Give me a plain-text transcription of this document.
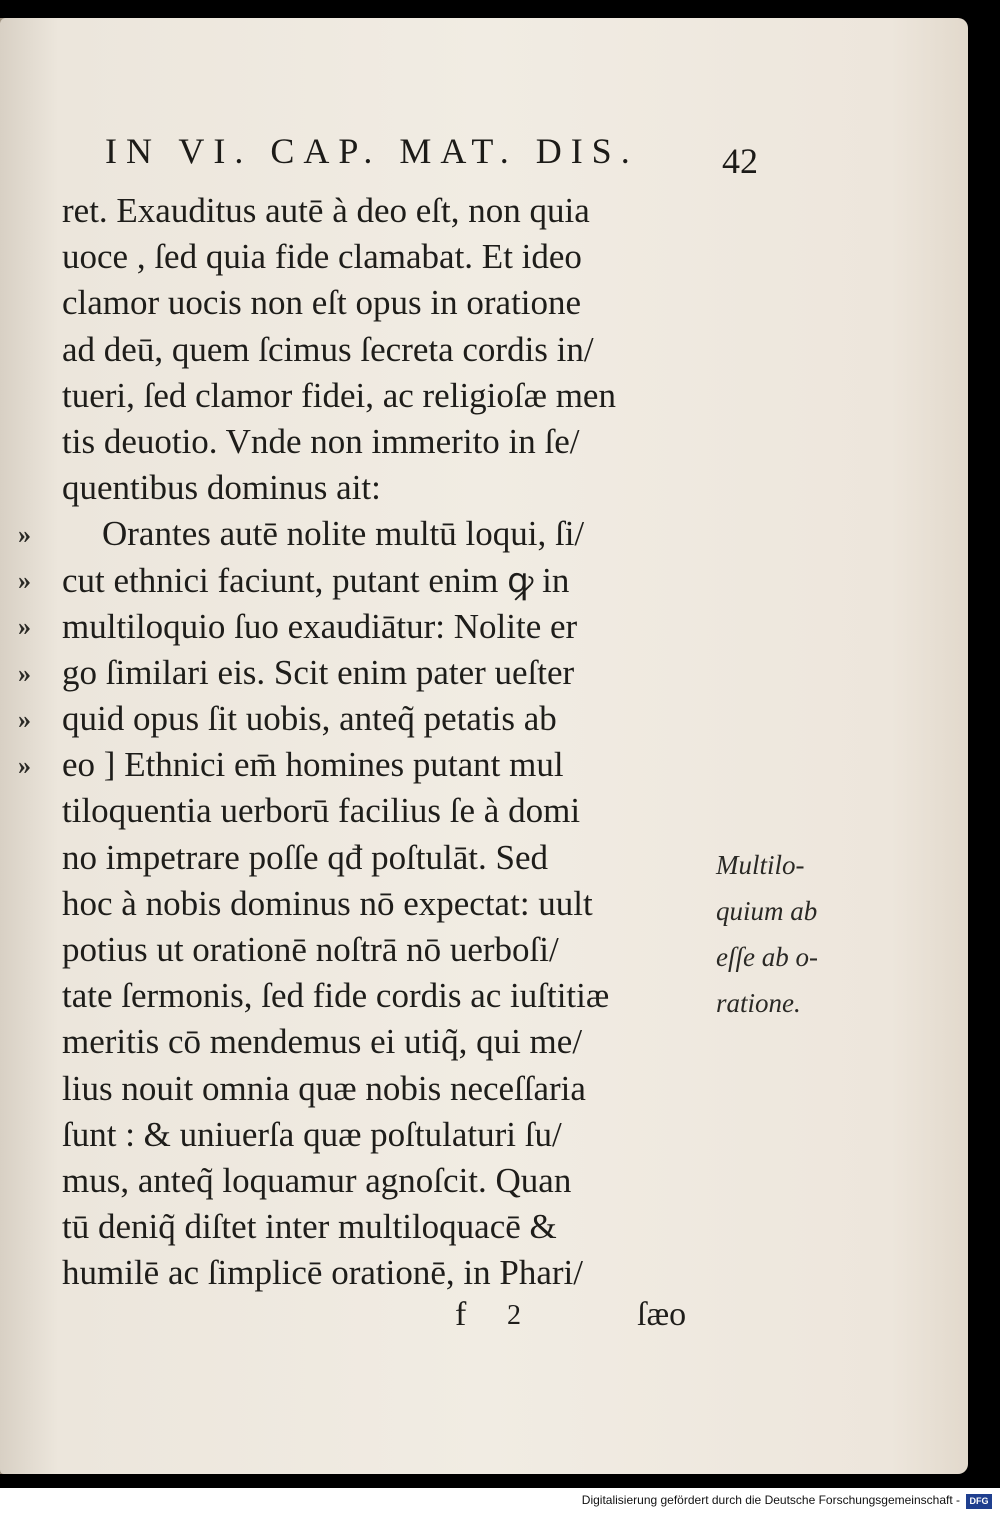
IN VI. CAP. MAT. DIS.	42
ret. Exauditus autē à deo eſt, non quia
uoce , ſed quia fide clamabat. Et ideo
clamor uocis non eſt opus in oratione
ad deū, quem ſcimus ſecreta cordis in/
tueri, ſed clamor fidei, ac religioſæ men
tis deuotio. Vnde non immerito in ſe/
quentibus dominus ait:
Orantes autē nolite multū loqui, ſi/
cut ethnici faciunt, putant enim ꝙ in
multiloquio ſuo exaudiātur: Nolite er
go ſimilari eis. Scit enim pater ueſter
quid opus ſit uobis, anteq̃ petatis ab
eo ] Ethnici em̄ homines putant mul
tiloquentia uerborū facilius ſe à domi
no impetrare poſſe qđ poſtulāt. Sed
hoc à nobis dominus nō expectat: uult
potius ut orationē noſtrā nō uerboſi/
tate ſermonis, ſed fide cordis ac iuſtitiæ
meritis cō mendemus ei utiq̃, qui me/
lius nouit omnia quæ nobis neceſſaria
ſunt : & uniuerſa quæ poſtulaturi ſu/
mus, anteq̃ loquamur agnoſcit. Quan
tū deniq̃ diſtet inter multiloquacē &
humilē ac ſimplicē orationē, in Phari/
»
»
»
»
»
»
Multilo-
quium ab
eſſe ab o-
ratione.
f 2	ſæo
Digitalisierung gefördert durch die Deutsche Forschungsgemeinschaft -	DFG
